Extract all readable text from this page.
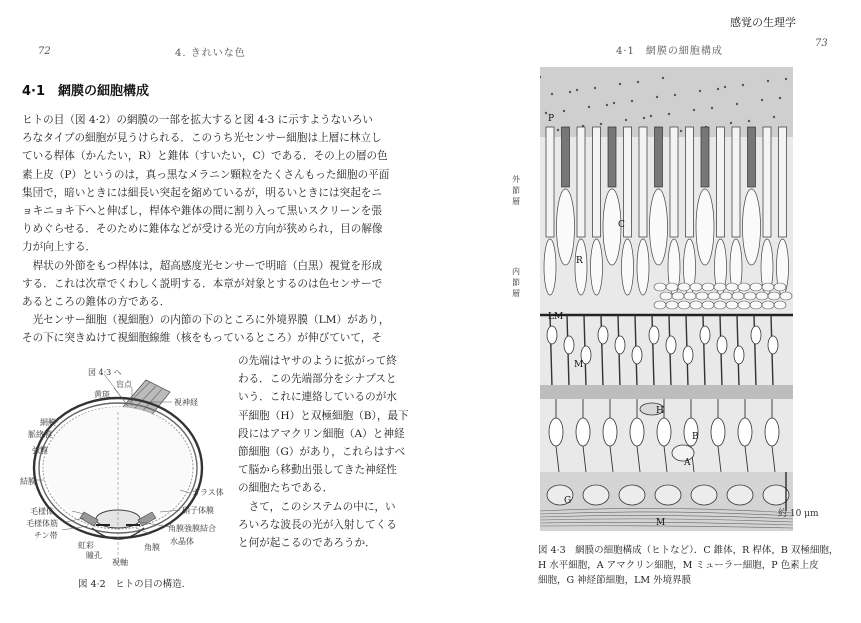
72	4. きれいな色
4·1　網膜の細胞構成
ヒトの目（図 4·2）の網膜の一部を拡大すると図 4·3 に示すようないろい
ろなタイプの細胞が見うけられる．このうち光センサー細胞は上層に林立し
ている桿体（かんたい，R）と錐体（すいたい，C）である．その上の層の色
素上皮（P）というのは，真っ黒なメラニン顆粒をたくさんもった細胞の平面
集団で，暗いときには細長い突起を縮めているが，明るいときには突起をニ
ョキニョキ下へと伸ばし，桿体や錐体の間に割り入って黒いスクリーンを張
りめぐらせる．そのために錐体などが受ける光の方向が狭められ，目の解像
力が向上する．
　桿状の外節をもつ桿体は，超高感度光センサーで明暗（白黒）視覚を形成
する．これは次章でくわしく説明する．本章が対象とするのは色センサーで
あるところの錐体の方である．
　光センサー細胞（視細胞）の内節の下のところに外境界膜（LM）があり，
その下に突きぬけて視細胞線維（核をもっているところ）が伸びていて，そ
の先端はヤサのように拡がって終
わる．この先端部分をシナプスと
いう．これに連絡しているのが水
平細胞（H）と双極細胞（B），最下
段にはアマクリン細胞（A）と神経
節細胞（G）があり，これらはすべ
て脳から移動出張してきた神経性
の細胞たちである．
　さて，このシステムの中に，い
ろいろな波長の光が入射してくる
と何が起こるのであろうか．
図 4·3 へ
盲点
黄斑
視神経
網膜
脈絡膜
強膜
結膜
ガラス体
毛様体	硝子体膜
毛様体筋
角膜強膜結合
チン帯
水晶体
虹彩	角膜
瞳孔
視軸
図 4·2　ヒトの目の構造．
4·1　網膜の細胞構成
73
感覚の生理学
外節層
内節層
P
R
C
LM
M
H
B
A
G
M
約 10 μm
図 4·3　網膜の細胞構成（ヒトなど）．C 錐体，R 桿体，B 双極細胞，
H 水平細胞，A アマクリン細胞，M ミューラー細胞，P 色素上皮
細胞，G 神経節細胞，LM 外境界膜
